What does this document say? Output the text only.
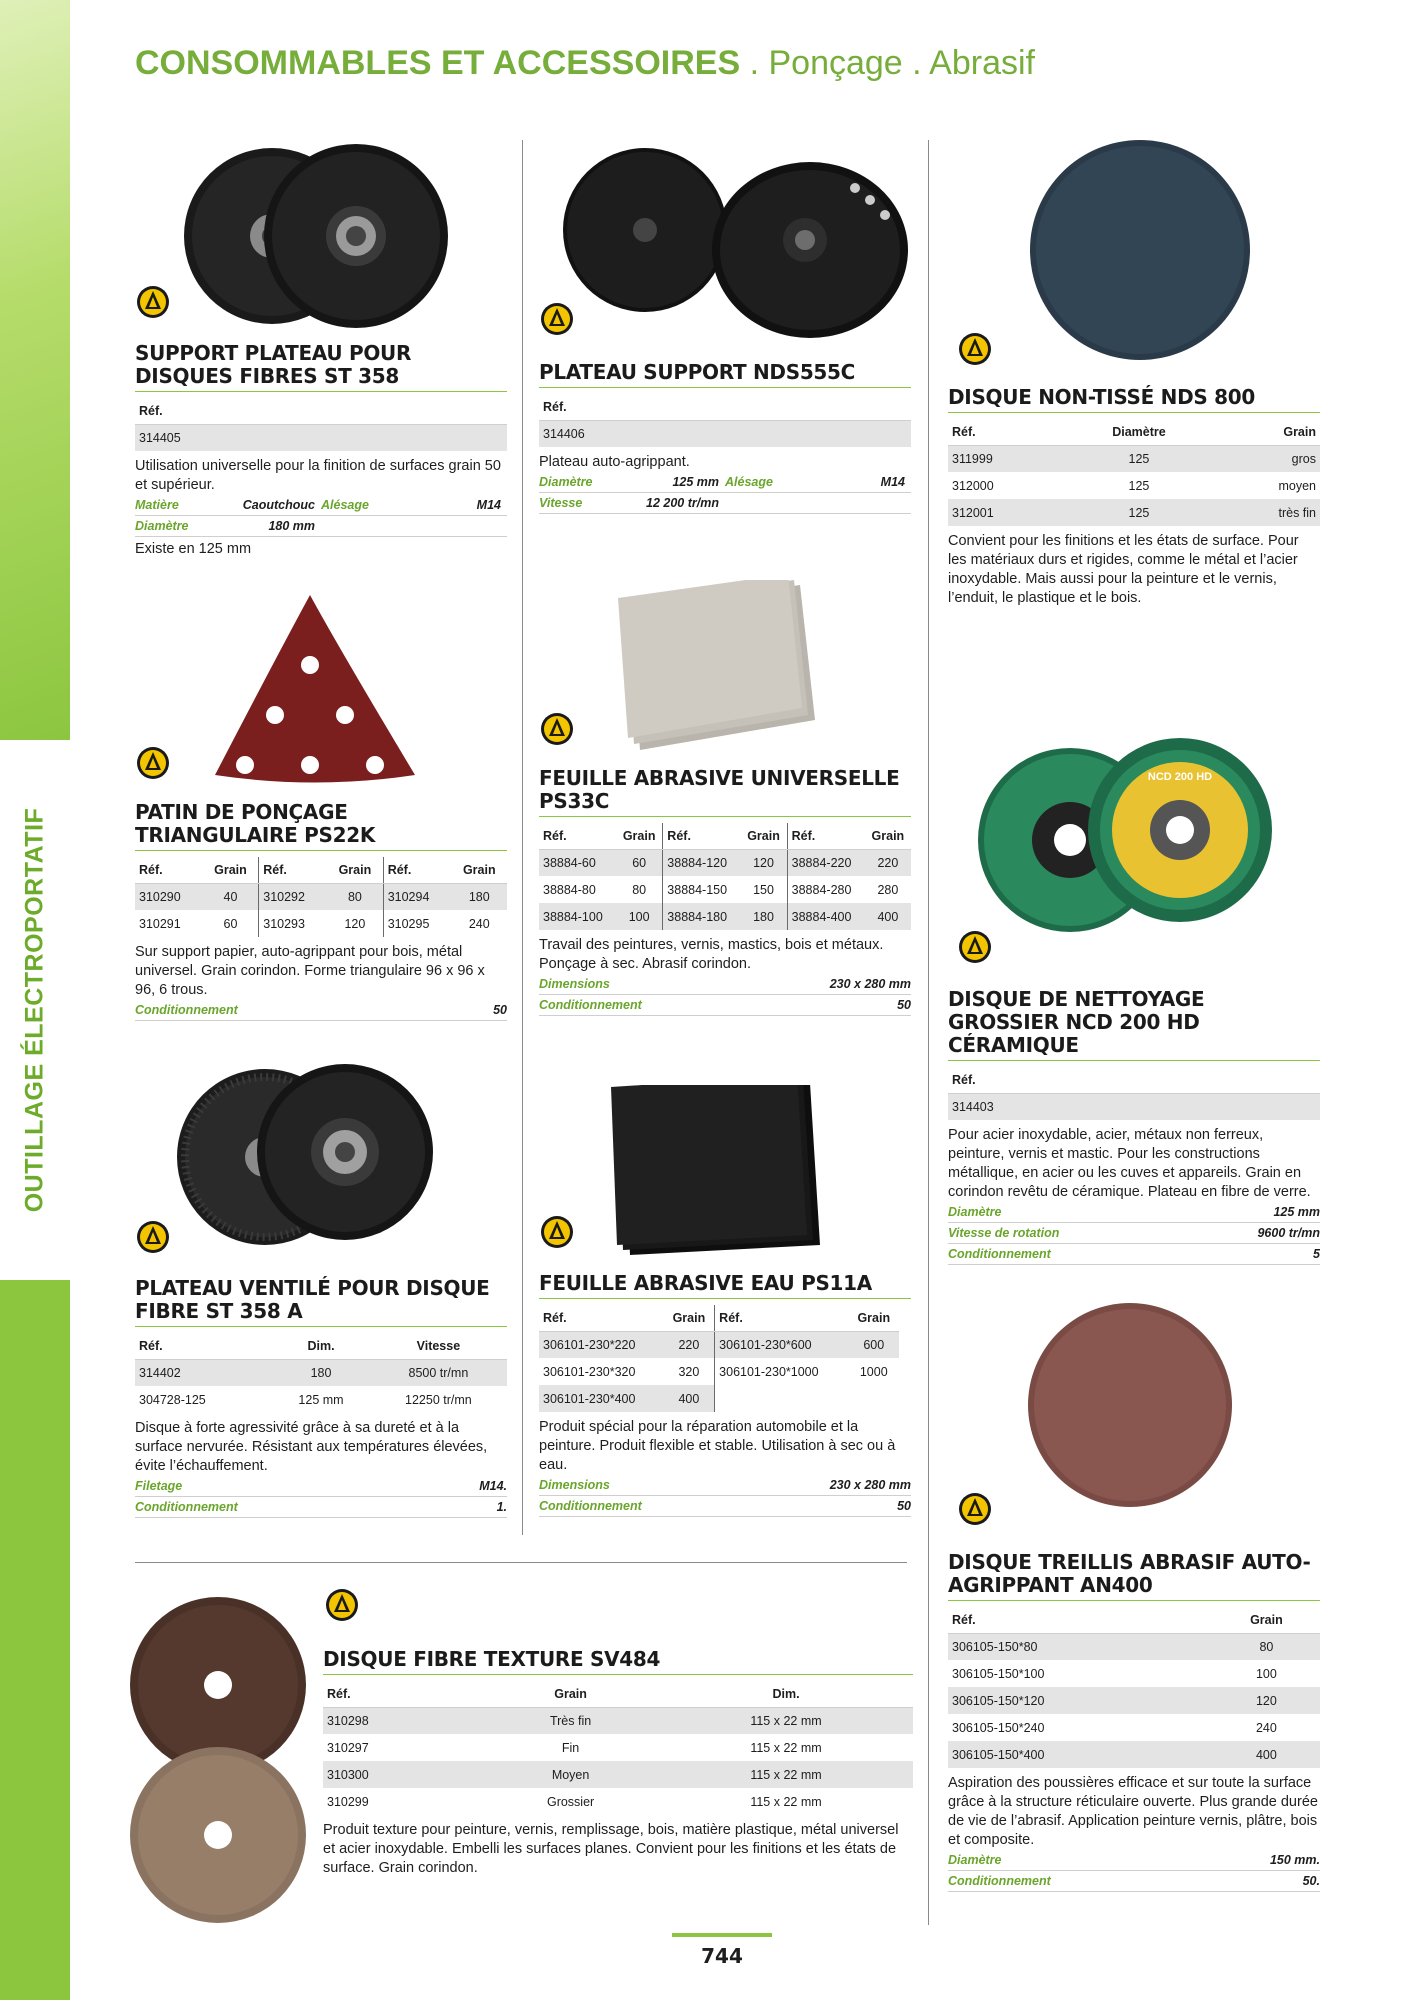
OUTILLAGE ÉLECTROPORTATIF
CONSOMMABLES ET ACCESSOIRES . Ponçage . Abrasif
SUPPORT PLATEAU POUR DISQUES FIBRES ST 358
Réf.
314405
Utilisation universelle pour la finition de surfaces grain 50 et supérieur.
Matière	Caoutchouc Alésage	M14
Diamètre	180 mm
Existe en 125 mm
PLATEAU SUPPORT NDS555C
Réf.
314406
Plateau auto-agrippant.
Diamètre	125 mm Alésage	M14
Vitesse	12 200 tr/mn
DISQUE NON-TISSÉ NDS 800
Réf.	Diamètre	Grain
311999	125	gros
312000	125	moyen
312001	125	très fin
Convient pour les finitions et les états de surface. Pour les matériaux durs et rigides, comme le métal et l’acier inoxydable. Mais aussi pour la peinture et le vernis, l’enduit, le plastique et le bois.
PATIN DE PONÇAGE TRIANGULAIRE PS22K
Réf.	Grain	Réf.	Grain	Réf.	Grain
310290	40	310292	80	310294	180
310291	60	310293	120	310295	240
Sur support papier, auto-agrippant pour bois, métal universel. Grain corindon. Forme triangulaire 96 x 96 x 96, 6 trous.
Conditionnement	50
FEUILLE ABRASIVE UNIVERSELLE PS33C
Réf.	Grain	Réf.	Grain	Réf.	Grain
38884-60	60	38884-120	120	38884-220	220
38884-80	80	38884-150	150	38884-280	280
38884-100	100	38884-180	180	38884-400	400
Travail des peintures, vernis, mastics, bois et métaux. Ponçage à sec. Abrasif corindon.
Dimensions	230 x 280 mm
Conditionnement	50
NCD 200 HD
DISQUE DE NETTOYAGE GROSSIER NCD 200 HD CÉRAMIQUE
Réf.
314403
Pour acier inoxydable, acier, métaux non ferreux, peinture, vernis et mastic. Pour les constructions métallique, en acier ou les cuves et appareils. Grain en corindon revêtu de céramique. Plateau en fibre de verre.
Diamètre	125 mm
Vitesse de rotation	9600 tr/mn
Conditionnement	5
PLATEAU VENTILÉ POUR DISQUE FIBRE ST 358 A
Réf.	Dim.	Vitesse
314402	180	8500 tr/mn
304728-125	125 mm	12250 tr/mn
Disque à forte agressivité grâce à sa dureté et à la surface nervurée. Résistant aux températures élevées, évite l’échauffement.
Filetage	M14.
Conditionnement	1.
FEUILLE ABRASIVE EAU PS11A
Réf.	Grain	Réf.	Grain
306101-230*220	220	306101-230*600	600
306101-230*320	320	306101-230*1000	1000
306101-230*400	400		
Produit spécial pour la réparation automobile et la peinture. Produit flexible et stable. Utilisation à sec ou à eau.
Dimensions	230 x 280 mm
Conditionnement	50
DISQUE FIBRE TEXTURE SV484
Réf.	Grain	Dim.
310298	Très fin	115 x 22 mm
310297	Fin	115 x 22 mm
310300	Moyen	115 x 22 mm
310299	Grossier	115 x 22 mm
Produit texture pour peinture, vernis, remplissage, bois, matière plastique, métal universel et acier inoxydable. Embelli les surfaces planes. Convient pour les finitions et les états de surface. Grain corindon.
DISQUE TREILLIS ABRASIF AUTO-AGRIPPANT AN400
Réf.	Grain
306105-150*80	80
306105-150*100	100
306105-150*120	120
306105-150*240	240
306105-150*400	400
Aspiration des poussières efficace et sur toute la surface grâce à la structure réticulaire ouverte. Plus grande durée de vie de l’abrasif. Application peinture vernis, plâtre, bois et composite.
Diamètre	150 mm.
Conditionnement	50.
744
